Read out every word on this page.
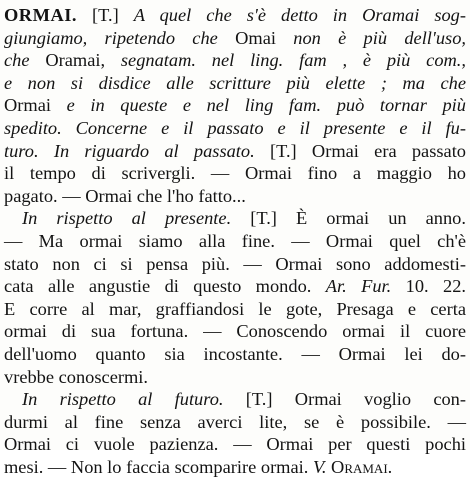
ORMAI. [T.] A quel che s'è detto in Oramai sog-
giungiamo, ripetendo che Omai non è più dell'uso,
che Oramai, segnatam. nel ling. fam , è più com.,
e non si disdice alle scritture più elette ; ma che
Ormai e in queste e nel ling fam. può tornar più
spedito. Concerne e il passato e il presente e il fu-
turo. In riguardo al passato. [T.] Ormai era passato
il tempo di scrivergli. — Ormai fino a maggio ho
pagato. — Ormai che l'ho fatto...
In rispetto al presente. [T.] È ormai un anno.
— Ma ormai siamo alla fine. — Ormai quel ch'è
stato non ci si pensa più. — Ormai sono addomesti-
cata alle angustie di questo mondo. Ar. Fur. 10. 22.
E corre al mar, graffiandosi le gote, Presaga e certa
ormai di sua fortuna. — Conoscendo ormai il cuore
dell'uomo quanto sia incostante. — Ormai lei do-
vrebbe conoscermi.
In rispetto al futuro. [T.] Ormai voglio con-
durmi al fine senza averci lite, se è possibile. —
Ormai ci vuole pazienza. — Ormai per questi pochi
mesi. — Non lo faccia scomparire ormai. V. Oramai.
